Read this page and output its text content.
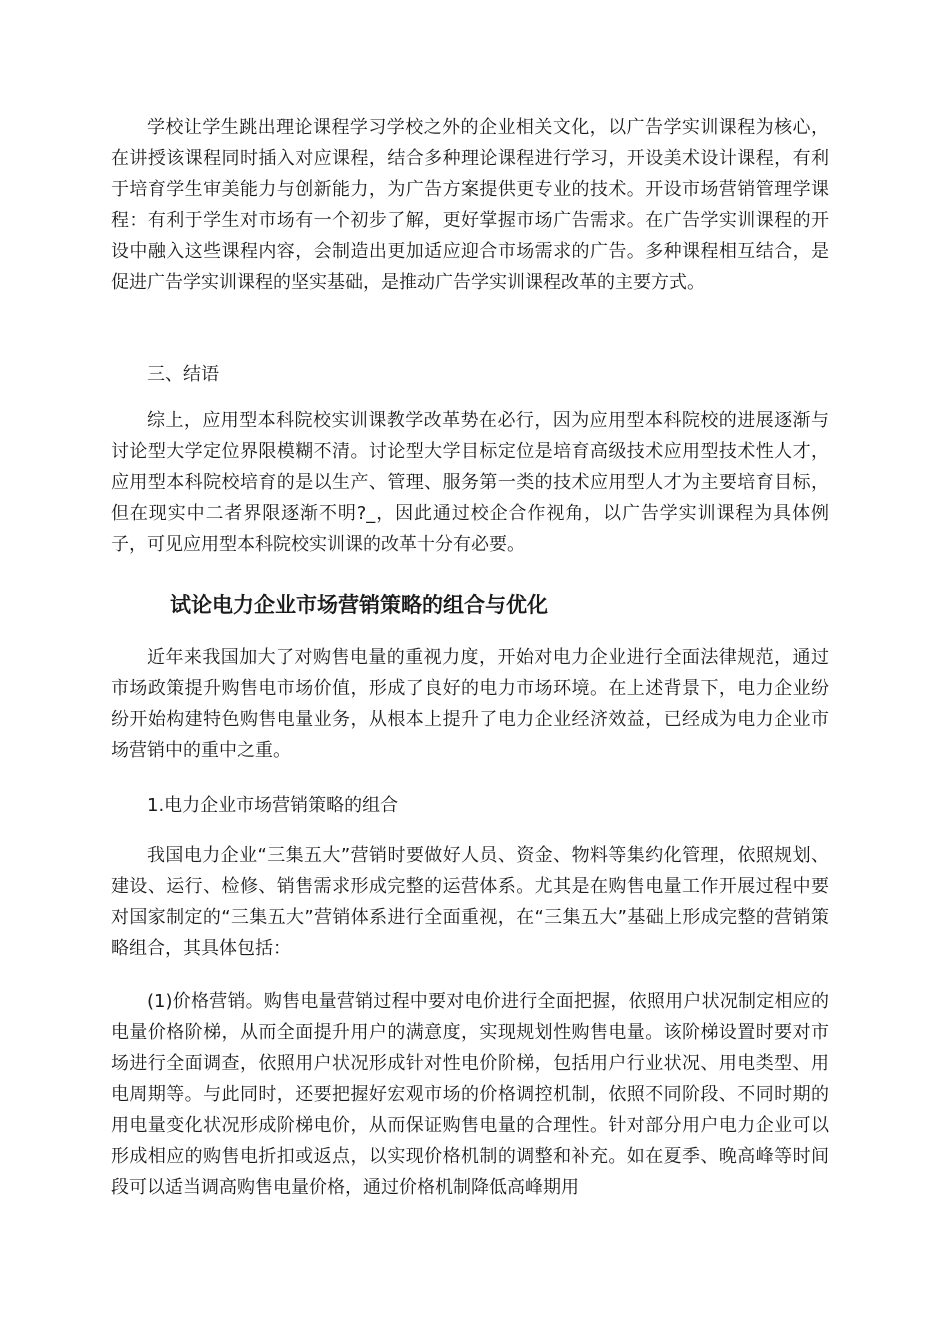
学校让学生跳出理论课程学习学校之外的企业相关文化，以广告学实训课程为核心，在讲授该课程同时插入对应课程，结合多种理论课程进行学习，开设美术设计课程，有利于培育学生审美能力与创新能力，为广告方案提供更专业的技术。开设市场营销管理学课程：有利于学生对市场有一个初步了解，更好掌握市场广告需求。在广告学实训课程的开设中融入这些课程内容，会制造出更加适应迎合市场需求的广告。多种课程相互结合，是促进广告学实训课程的坚实基础，是推动广告学实训课程改革的主要方式。

三、结语

综上，应用型本科院校实训课教学改革势在必行，因为应用型本科院校的进展逐渐与讨论型大学定位界限模糊不清。讨论型大学目标定位是培育高级技术应用型技术性人才，应用型本科院校培育的是以生产、管理、服务第一类的技术应用型人才为主要培育目标，但在现实中二者界限逐渐不明?_，因此通过校企合作视角，以广告学实训课程为具体例子，可见应用型本科院校实训课的改革十分有必要。

试论电力企业市场营销策略的组合与优化

近年来我国加大了对购售电量的重视力度，开始对电力企业进行全面法律规范，通过市场政策提升购售电市场价值，形成了良好的电力市场环境。在上述背景下，电力企业纷纷开始构建特色购售电量业务，从根本上提升了电力企业经济效益，已经成为电力企业市场营销中的重中之重。

1.电力企业市场营销策略的组合

我国电力企业“三集五大”营销时要做好人员、资金、物料等集约化管理，依照规划、建设、运行、检修、销售需求形成完整的运营体系。尤其是在购售电量工作开展过程中要对国家制定的“三集五大”营销体系进行全面重视，在“三集五大”基础上形成完整的营销策略组合，其具体包括：

(1)价格营销。购售电量营销过程中要对电价进行全面把握，依照用户状况制定相应的电量价格阶梯，从而全面提升用户的满意度，实现规划性购售电量。该阶梯设置时要对市场进行全面调查，依照用户状况形成针对性电价阶梯，包括用户行业状况、用电类型、用电周期等。与此同时，还要把握好宏观市场的价格调控机制，依照不同阶段、不同时期的用电量变化状况形成阶梯电价，从而保证购售电量的合理性。针对部分用户电力企业可以形成相应的购售电折扣或返点，以实现价格机制的调整和补充。如在夏季、晚高峰等时间段可以适当调高购售电量价格，通过价格机制降低高峰期用
